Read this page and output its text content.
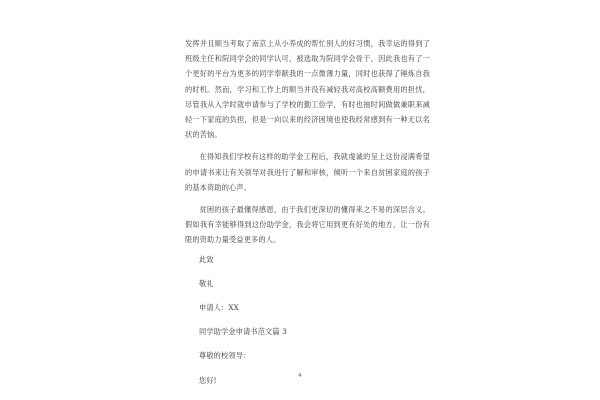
发挥并且顺当考取了南京上从小养成的帮忙别人的好习惯，我幸运的得到了班级主任和院同学会的同学认可，被选取为院同学会骨干，因此我也有了一个更好的平台为更多的同学奉献我的一点微薄力量，同时也获得了锤炼自我的时机。然而，学习和工作上的顺当并没有减轻我对高校高额费用的担忧，尽管我从入学时就申请参与了学校的勤工俭学，有时也抽时间做做兼职来减轻一下家庭的负担，但是一向以来的经济困境也使我经常感到有一种无以名状的苦恼。

在得知我们学校有这样的助学金工程后，我就虔诚的呈上这份浸满希望的申请书来让有关领导对我进行了解和审核，倾听一个来自贫困家庭的孩子的基本资助的心声。

贫困的孩子最懂得感恩，由于我们更深切的懂得来之不易的深层含义。假如我有幸能够得到这份助学金，我会将它用到更有好处的地方，让一份有限的资助力量受益更多的人。

此致

敬礼

申请人：XX

同学助学金申请书范文篇 3

尊敬的校领导：

您好!	4
